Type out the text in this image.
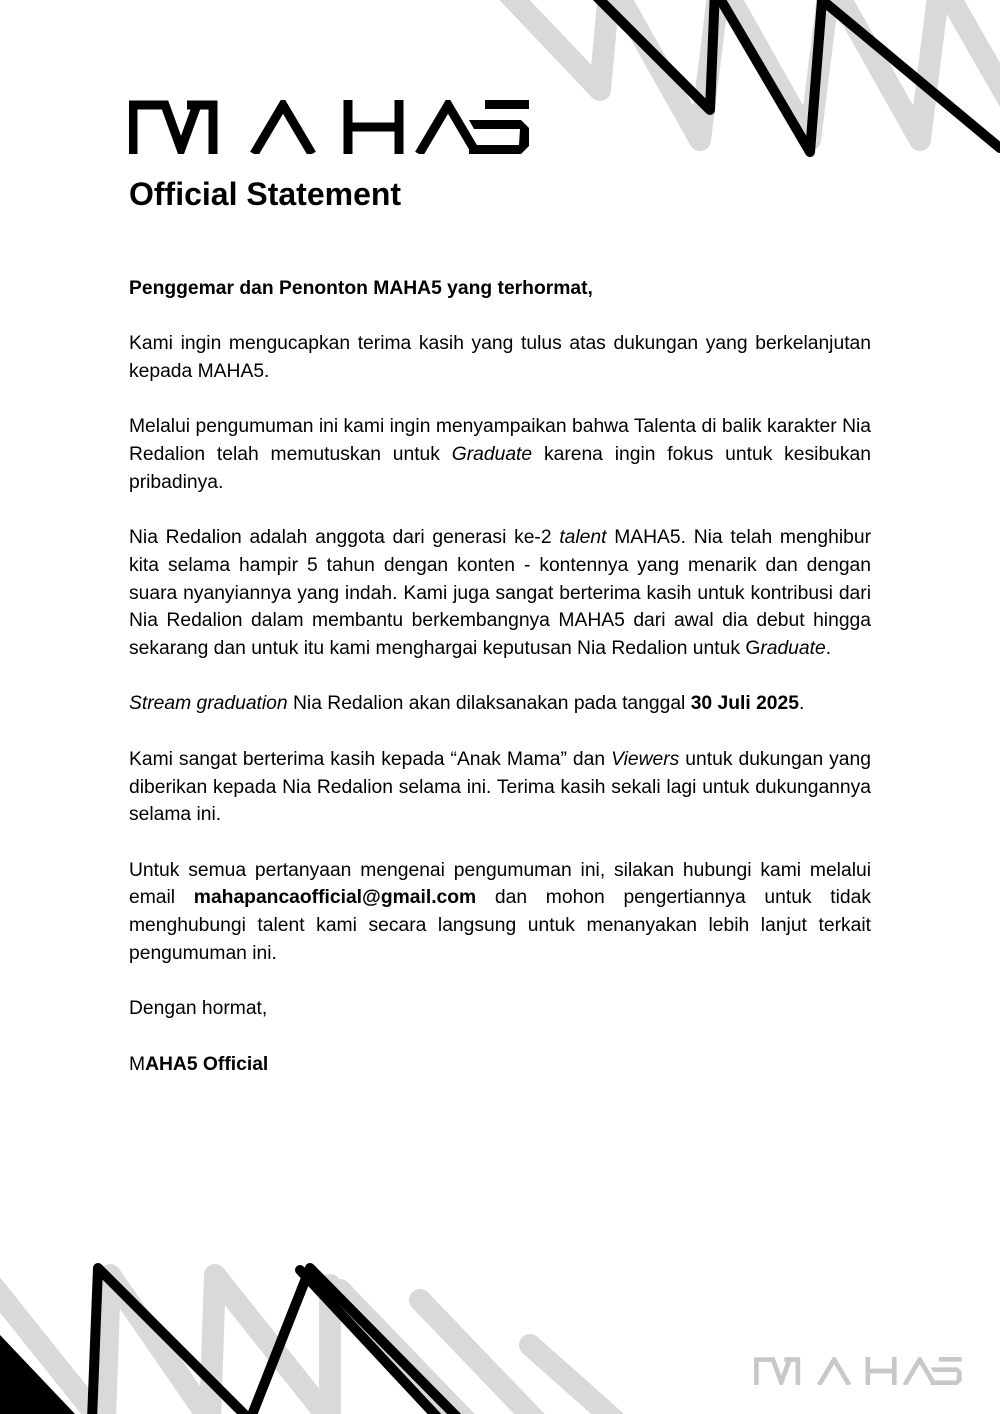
Official Statement

Penggemar dan Penonton MAHA5 yang terhormat,

Kami ingin mengucapkan terima kasih yang tulus atas dukungan yang berkelanjutan kepada MAHA5.

Melalui pengumuman ini kami ingin menyampaikan bahwa Talenta di balik karakter Nia Redalion telah memutuskan untuk Graduate karena ingin fokus untuk kesibukan pribadinya.

Nia Redalion adalah anggota dari generasi ke-2 talent MAHA5. Nia telah menghibur kita selama hampir 5 tahun dengan konten - kontennya yang menarik dan dengan suara nyanyiannya yang indah. Kami juga sangat berterima kasih untuk kontribusi dari Nia Redalion dalam membantu berkembangnya MAHA5 dari awal dia debut hingga sekarang dan untuk itu kami menghargai keputusan Nia Redalion untuk Graduate.

Stream graduation Nia Redalion akan dilaksanakan pada tanggal 30 Juli 2025.

Kami sangat berterima kasih kepada “Anak Mama” dan Viewers untuk dukungan yang diberikan kepada Nia Redalion selama ini. Terima kasih sekali lagi untuk dukungannya selama ini.

Untuk semua pertanyaan mengenai pengumuman ini, silakan hubungi kami melalui email mahapancaofficial@gmail.com dan mohon pengertiannya untuk tidak menghubungi talent kami secara langsung untuk menanyakan lebih lanjut terkait pengumuman ini.

Dengan hormat,

MAHA5 Official
